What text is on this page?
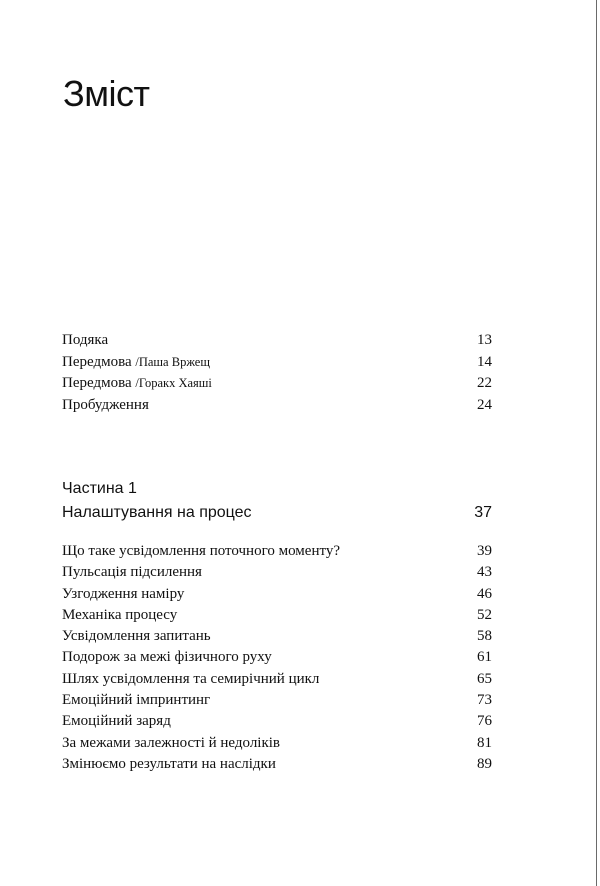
Зміст
Подяка	13
Передмова /Паша Вржещ	14
Передмова /Горакх Хаяші	22
Пробудження	24
Частина 1
Налаштування на процес	37
Що таке усвідомлення поточного моменту?	39
Пульсація підсилення	43
Узгодження наміру	46
Механіка процесу	52
Усвідомлення запитань	58
Подорож за межі фізичного руху	61
Шлях усвідомлення та семирічний цикл	65
Емоційний імпринтинг	73
Емоційний заряд	76
За межами залежності й недоліків	81
Змінюємо результати на наслідки	89
